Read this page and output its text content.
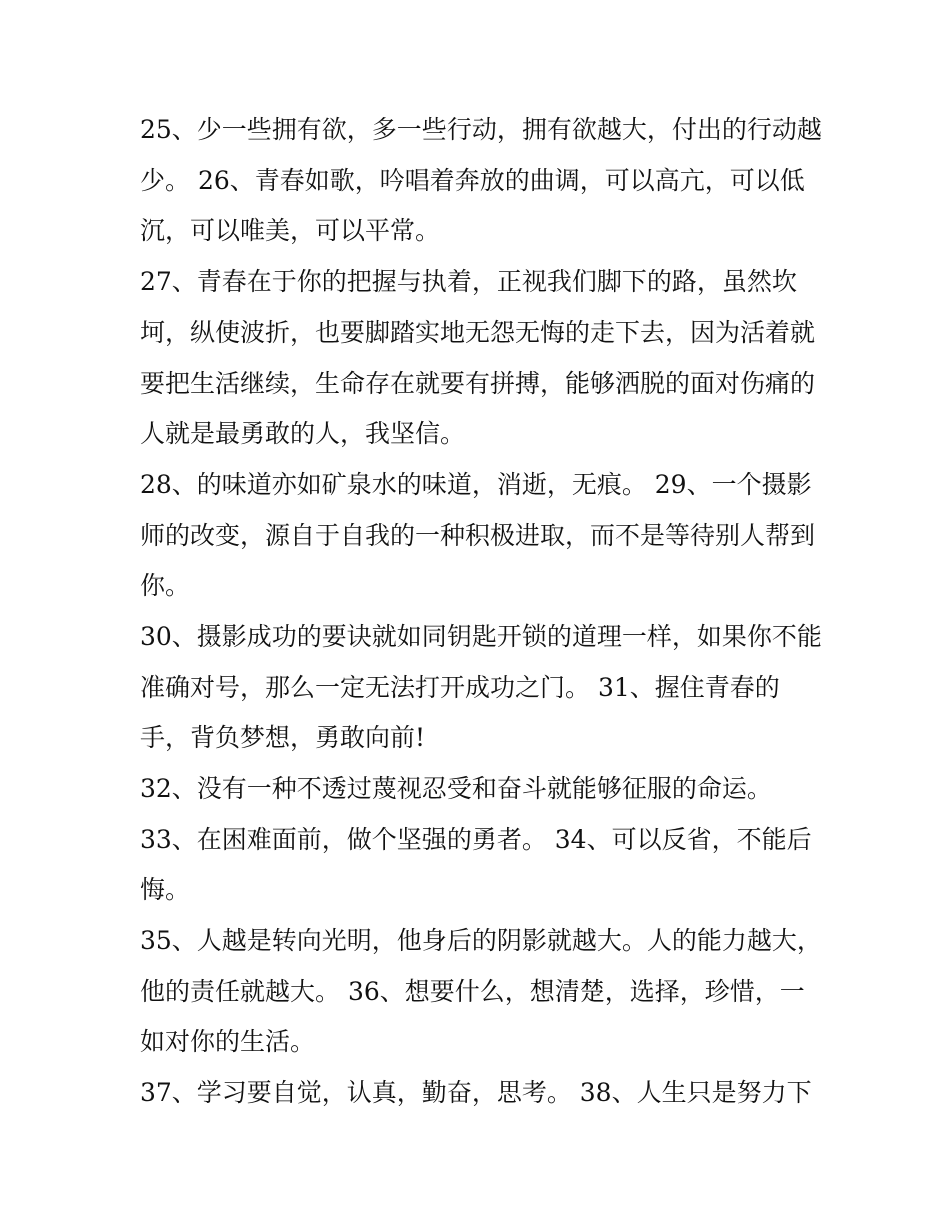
25、少一些拥有欲，多一些行动，拥有欲越大，付出的行动越

少。 26、青春如歌，吟唱着奔放的曲调，可以高亢，可以低

沉，可以唯美，可以平常。

27、青春在于你的把握与执着，正视我们脚下的路，虽然坎

坷，纵使波折，也要脚踏实地无怨无悔的走下去，因为活着就

要把生活继续，生命存在就要有拼搏，能够洒脱的面对伤痛的

人就是最勇敢的人，我坚信。

28、的味道亦如矿泉水的味道，消逝，无痕。 29、一个摄影

师的改变，源自于自我的一种积极进取，而不是等待别人帮到

你。

30、摄影成功的要诀就如同钥匙开锁的道理一样，如果你不能

准确对号，那么一定无法打开成功之门。 31、握住青春的

手，背负梦想，勇敢向前!

32、没有一种不透过蔑视忍受和奋斗就能够征服的命运。

33、在困难面前，做个坚强的勇者。 34、可以反省，不能后

悔。

35、人越是转向光明，他身后的阴影就越大。人的能力越大，

他的责任就越大。 36、想要什么，想清楚，选择，珍惜，一

如对你的生活。

37、学习要自觉，认真，勤奋，思考。 38、人生只是努力下
